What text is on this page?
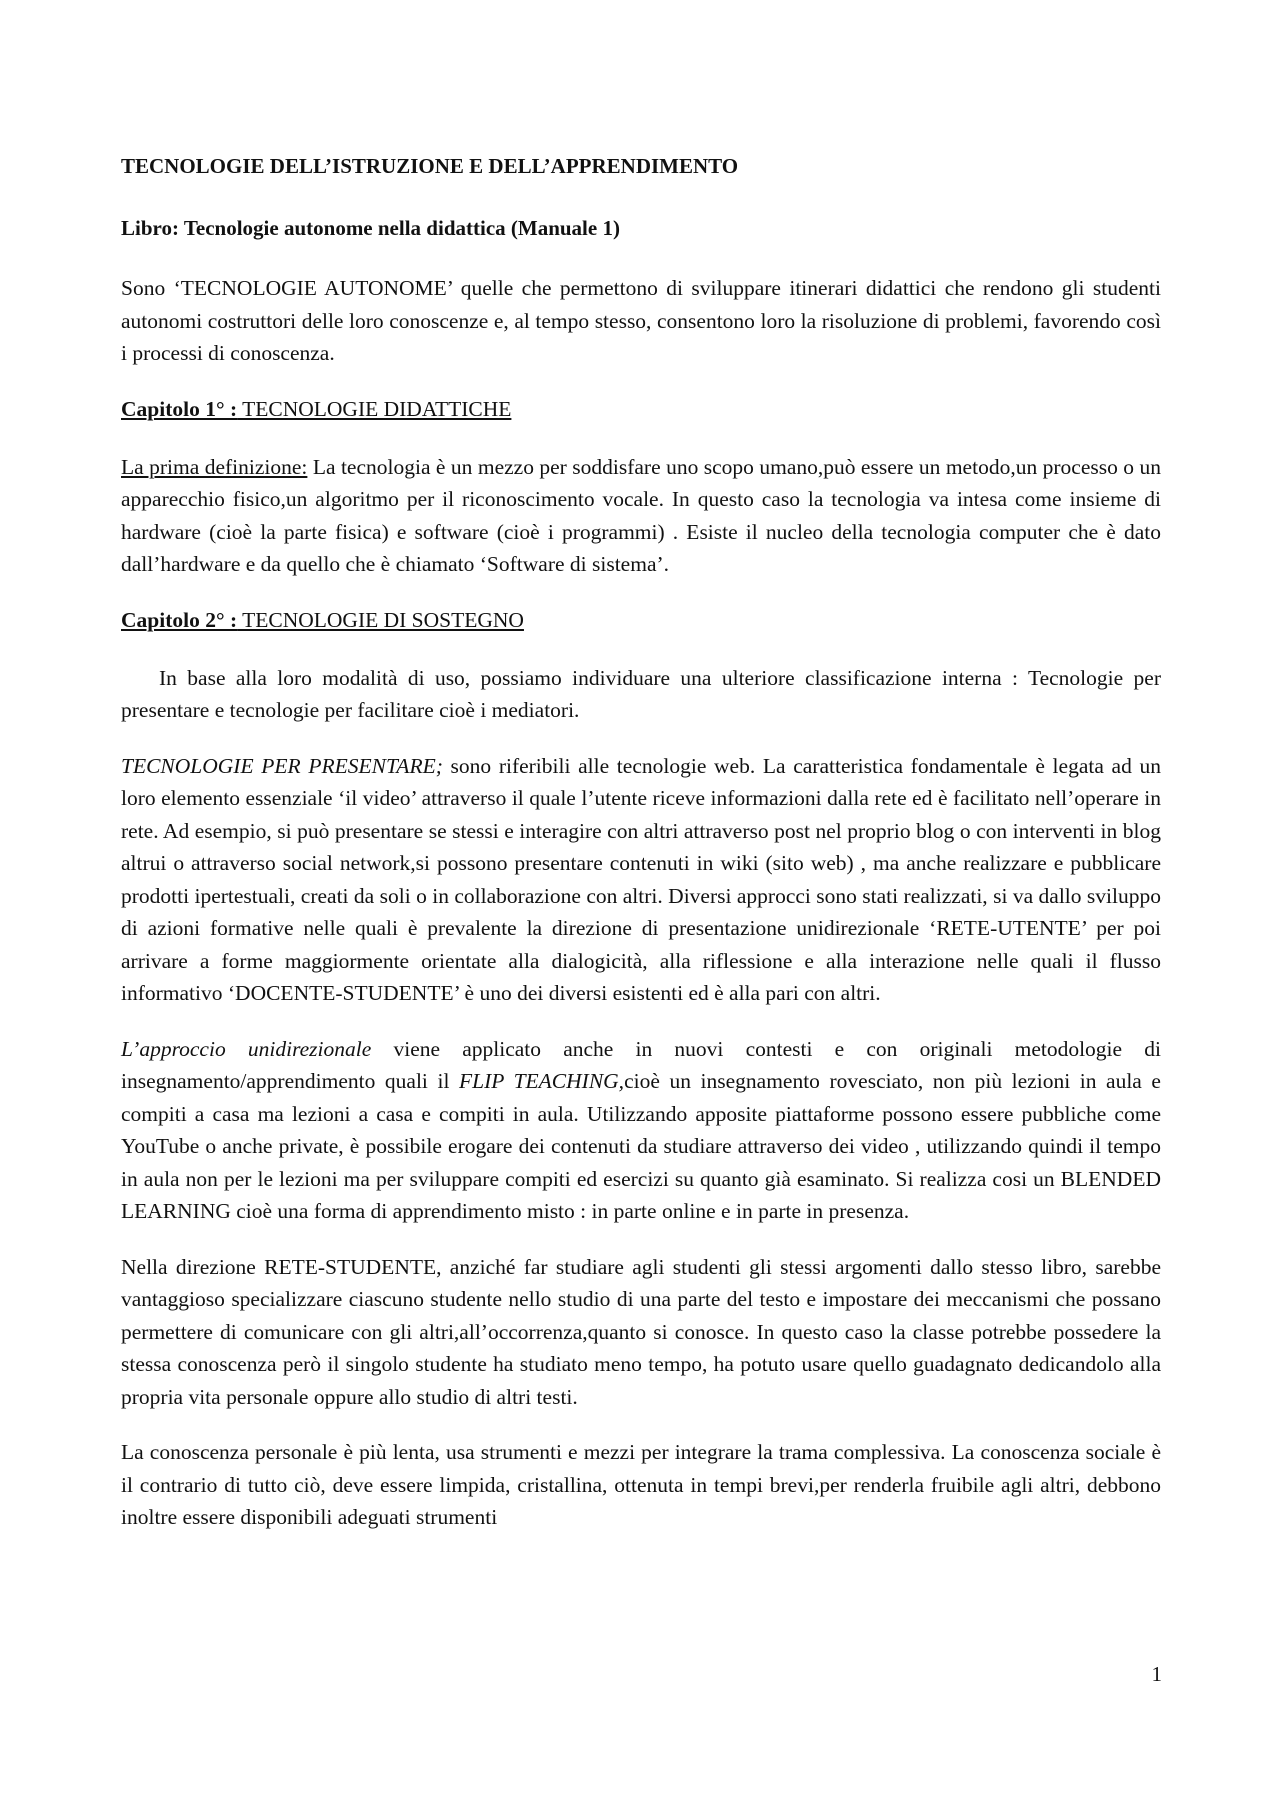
TECNOLOGIE DELL’ISTRUZIONE E DELL’APPRENDIMENTO
Libro: Tecnologie autonome nella didattica (Manuale 1)

Sono ‘TECNOLOGIE AUTONOME’ quelle che permettono di sviluppare itinerari didattici che rendono gli studenti autonomi costruttori delle loro conoscenze e, al tempo stesso, consentono loro la risoluzione di problemi, favorendo così i processi di conoscenza.

Capitolo 1° : TECNOLOGIE DIDATTICHE

La prima definizione: La tecnologia è un mezzo per soddisfare uno scopo umano,può essere un metodo,un processo o un apparecchio fisico,un algoritmo per il riconoscimento vocale. In questo caso la tecnologia va intesa come insieme di hardware (cioè la parte fisica) e software (cioè i programmi) . Esiste il nucleo della tecnologia computer che è dato dall’hardware e da quello che è chiamato ‘Software di sistema’.

Capitolo 2° : TECNOLOGIE DI SOSTEGNO

In base alla loro modalità di uso, possiamo individuare una ulteriore classificazione interna : Tecnologie per presentare e tecnologie per facilitare cioè i mediatori.

TECNOLOGIE PER PRESENTARE; sono riferibili alle tecnologie web. La caratteristica fondamentale è legata ad un loro elemento essenziale ‘il video’ attraverso il quale l’utente riceve informazioni dalla rete ed è facilitato nell’operare in rete. Ad esempio, si può presentare se stessi e interagire con altri attraverso post nel proprio blog o con interventi in blog altrui o attraverso social network,si possono presentare contenuti in wiki (sito web) , ma anche realizzare e pubblicare prodotti ipertestuali, creati da soli o in collaborazione con altri. Diversi approcci sono stati realizzati, si va dallo sviluppo di azioni formative nelle quali è prevalente la direzione di presentazione unidirezionale ‘RETE-UTENTE’ per poi arrivare a forme maggiormente orientate alla dialogicità, alla riflessione e alla interazione nelle quali il flusso informativo ‘DOCENTE-STUDENTE’ è uno dei diversi esistenti ed è alla pari con altri.

L’approccio unidirezionale viene applicato anche in nuovi contesti e con originali metodologie di insegnamento/apprendimento quali il FLIP TEACHING,cioè un insegnamento rovesciato, non più lezioni in aula e compiti a casa ma lezioni a casa e compiti in aula. Utilizzando apposite piattaforme possono essere pubbliche come YouTube o anche private, è possibile erogare dei contenuti da studiare attraverso dei video , utilizzando quindi il tempo in aula non per le lezioni ma per sviluppare compiti ed esercizi su quanto già esaminato. Si realizza cosi un BLENDED LEARNING cioè una forma di apprendimento misto : in parte online e in parte in presenza.

Nella direzione RETE-STUDENTE, anziché far studiare agli studenti gli stessi argomenti dallo stesso libro, sarebbe vantaggioso specializzare ciascuno studente nello studio di una parte del testo e impostare dei meccanismi che possano permettere di comunicare con gli altri,all’occorrenza,quanto si conosce. In questo caso la classe potrebbe possedere la stessa conoscenza però il singolo studente ha studiato meno tempo, ha potuto usare quello guadagnato dedicandolo alla propria vita personale oppure allo studio di altri testi.

La conoscenza personale è più lenta, usa strumenti e mezzi per integrare la trama complessiva. La conoscenza sociale è il contrario di tutto ciò, deve essere limpida, cristallina, ottenuta in tempi brevi,per renderla fruibile agli altri, debbono inoltre essere disponibili adeguati strumenti

1
